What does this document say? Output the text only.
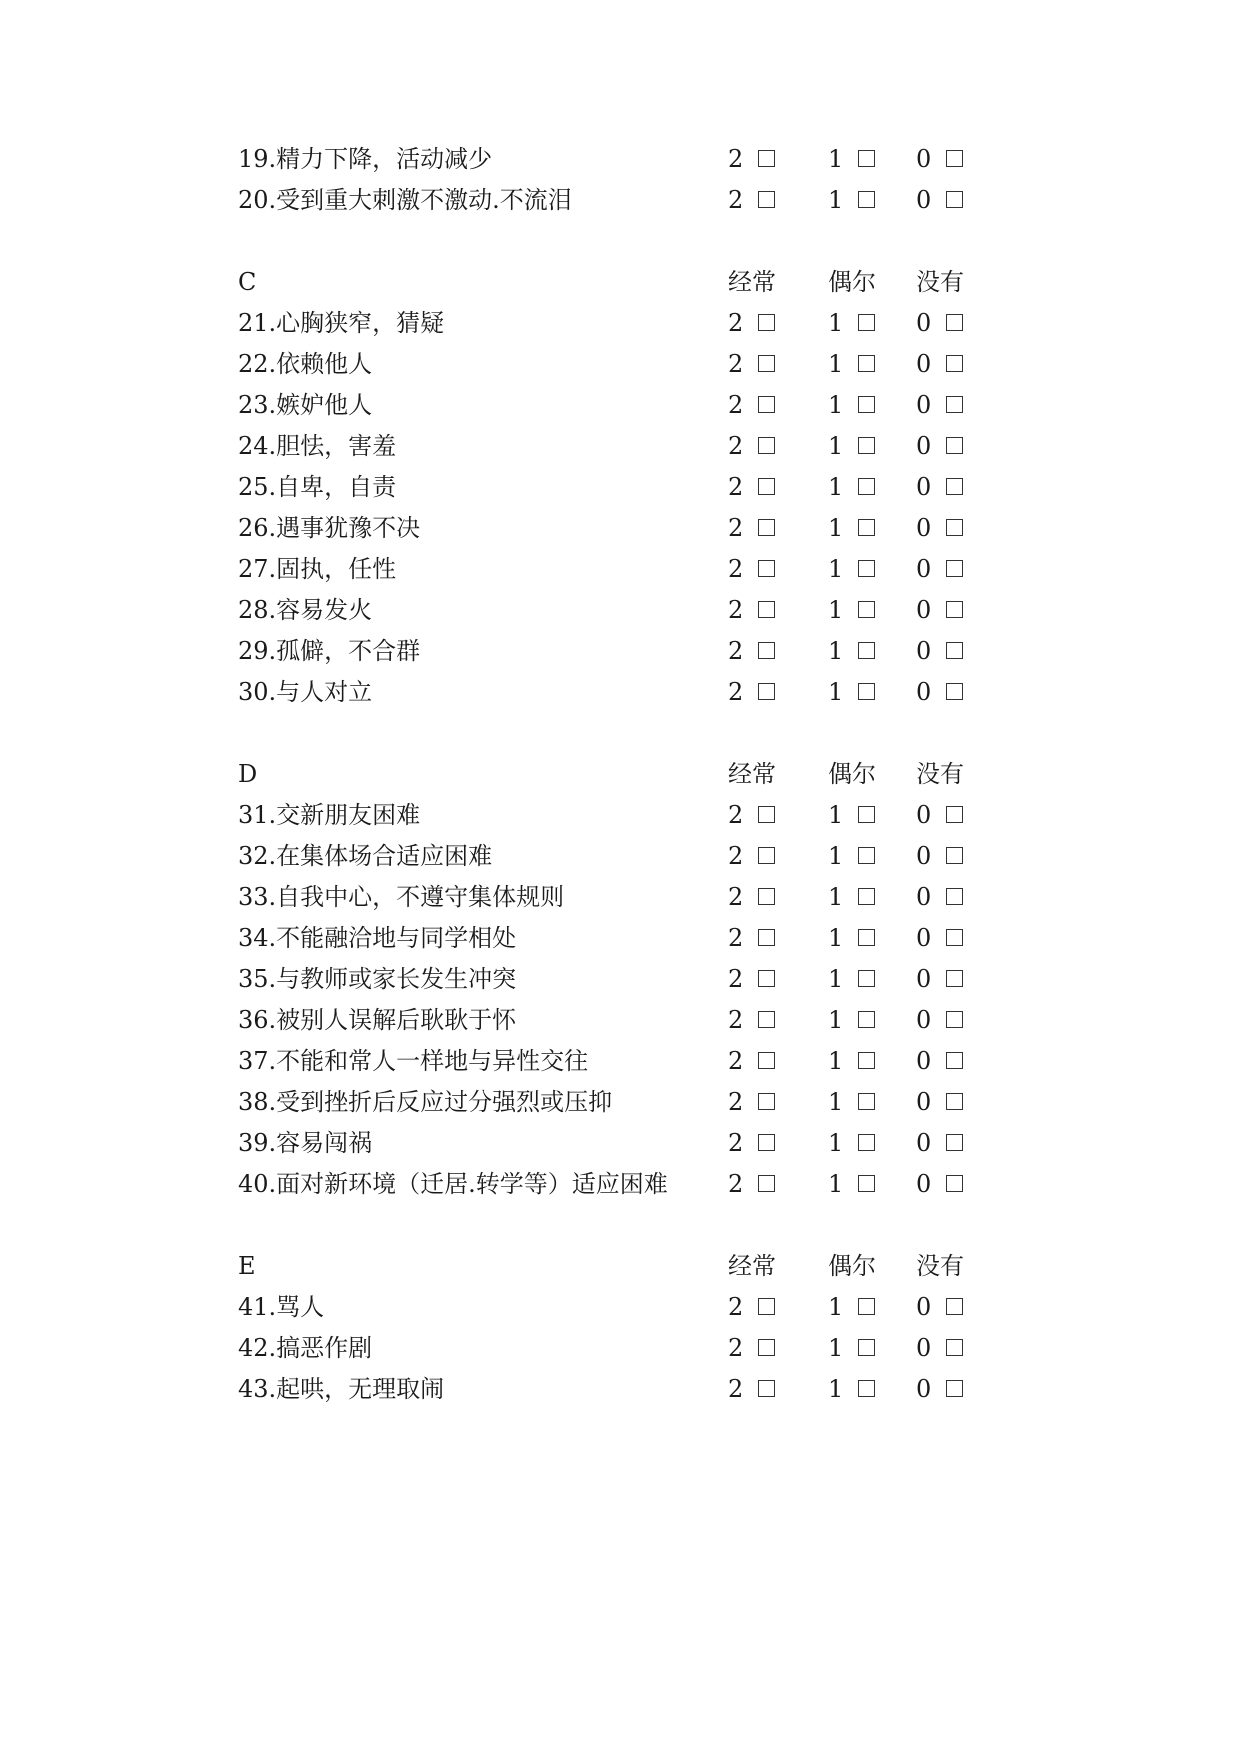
19.精力下降，活动减少	2	1	0
20.受到重大刺激不激动.不流泪	2	1	0
C	经常 偶尔 没有
21.心胸狭窄，猜疑	2	1	0
22.依赖他人	2	1	0
23.嫉妒他人	2	1	0
24.胆怯，害羞	2	1	0
25.自卑，自责	2	1	0
26.遇事犹豫不决	2	1	0
27.固执，任性	2	1	0
28.容易发火	2	1	0
29.孤僻，不合群	2	1	0
30.与人对立	2	1	0
D	经常 偶尔 没有
31.交新朋友困难	2	1	0
32.在集体场合适应困难	2	1	0
33.自我中心，不遵守集体规则	2	1	0
34.不能融洽地与同学相处	2	1	0
35.与教师或家长发生冲突	2	1	0
36.被别人误解后耿耿于怀	2	1	0
37.不能和常人一样地与异性交往	2	1	0
38.受到挫折后反应过分强烈或压抑	2	1	0
39.容易闯祸	2	1	0
40.面对新环境（迁居.转学等）适应困难	2	1	0
E	经常 偶尔 没有
41.骂人	2	1	0
42.搞恶作剧	2	1	0
43.起哄，无理取闹	2	1	0
